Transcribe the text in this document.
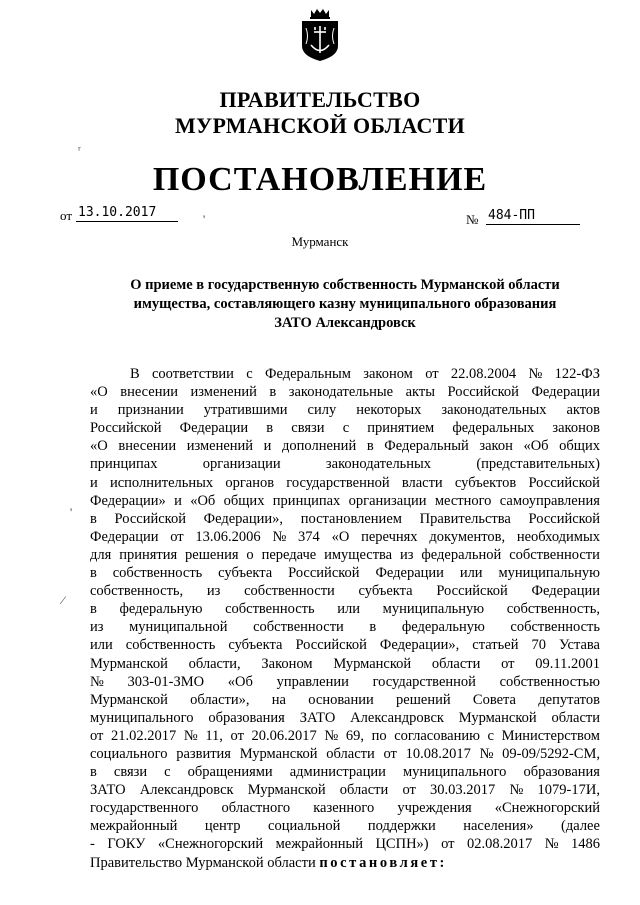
ПРАВИТЕЛЬСТВО
МУРМАНСКОЙ ОБЛАСТИ
ПОСТАНОВЛЕНИЕ
от 13.10.2017	№ 484-ПП
Мурманск
О приеме в государственную собственность Мурманской области
имущества, составляющего казну муниципального образования
ЗАТО Александровск
В соответствии с Федеральным законом от 22.08.2004 № 122-ФЗ
«О внесении изменений в законодательные акты Российской Федерации
и признании утратившими силу некоторых законодательных актов
Российской Федерации в связи с принятием федеральных законов
«О внесении изменений и дополнений в Федеральный закон «Об общих
принципах	организации	законодательных	(представительных)
и исполнительных органов государственной власти субъектов Российской
Федерации» и «Об общих принципах организации местного самоуправления
в Российской Федерации», постановлением Правительства Российской
Федерации от 13.06.2006 № 374 «О перечнях документов, необходимых
для принятия решения о передаче имущества из федеральной собственности
в собственность субъекта Российской Федерации или муниципальную
собственность, из собственности субъекта Российской Федерации
в федеральную собственность или муниципальную собственность,
из муниципальной собственности в федеральную собственность
или собственность субъекта Российской Федерации», статьей 70 Устава
Мурманской области, Законом Мурманской области от 09.11.2001
№ 303-01-ЗМО «Об управлении государственной собственностью
Мурманской области», на основании решений Совета депутатов
муниципального образования ЗАТО Александровск Мурманской области
от 21.02.2017 № 11, от 20.06.2017 № 69, по согласованию с Министерством
социального развития Мурманской области от 10.08.2017 № 09-09/5292-СМ,
в связи с обращениями администрации муниципального образования
ЗАТО Александровск Мурманской области от 30.03.2017 № 1079-17И,
государственного областного казенного учреждения «Снежногорский
межрайонный центр социальной поддержки населения» (далее
- ГОКУ «Снежногорский межрайонный ЦСПН») от 02.08.2017 № 1486
Правительство Мурманской области
постановляет:
ʳ
'
'
⁄
